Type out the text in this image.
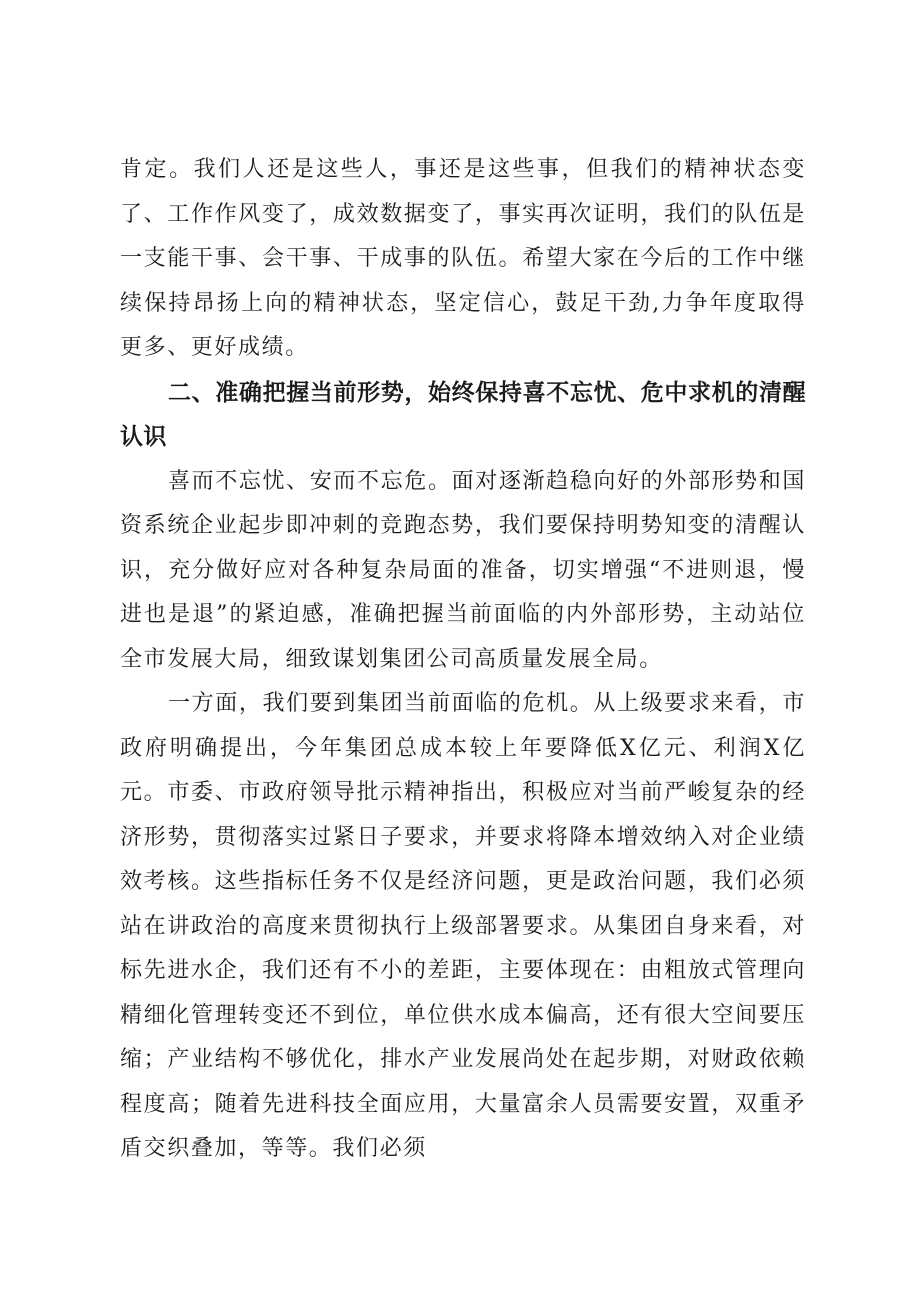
肯定。我们人还是这些人，事还是这些事，但我们的精神状态变了、工作作风变了，成效数据变了，事实再次证明，我们的队伍是一支能干事、会干事、干成事的队伍。希望大家在今后的工作中继续保持昂扬上向的精神状态，坚定信心，鼓足干劲,力争年度取得更多、更好成绩。

二、准确把握当前形势，始终保持喜不忘忧、危中求机的清醒认识

喜而不忘忧、安而不忘危。面对逐渐趋稳向好的外部形势和国资系统企业起步即冲刺的竞跑态势，我们要保持明势知变的清醒认识，充分做好应对各种复杂局面的准备，切实增强“不进则退，慢进也是退”的紧迫感，准确把握当前面临的内外部形势，主动站位全市发展大局，细致谋划集团公司高质量发展全局。

一方面，我们要到集团当前面临的危机。从上级要求来看，市政府明确提出，今年集团总成本较上年要降低X亿元、利润X亿元。市委、市政府领导批示精神指出，积极应对当前严峻复杂的经济形势，贯彻落实过紧日子要求，并要求将降本增效纳入对企业绩效考核。这些指标任务不仅是经济问题，更是政治问题，我们必须站在讲政治的高度来贯彻执行上级部署要求。从集团自身来看，对标先进水企，我们还有不小的差距，主要体现在：由粗放式管理向精细化管理转变还不到位，单位供水成本偏高，还有很大空间要压缩；产业结构不够优化，排水产业发展尚处在起步期，对财政依赖程度高；随着先进科技全面应用，大量富余人员需要安置，双重矛盾交织叠加，等等。我们必须
